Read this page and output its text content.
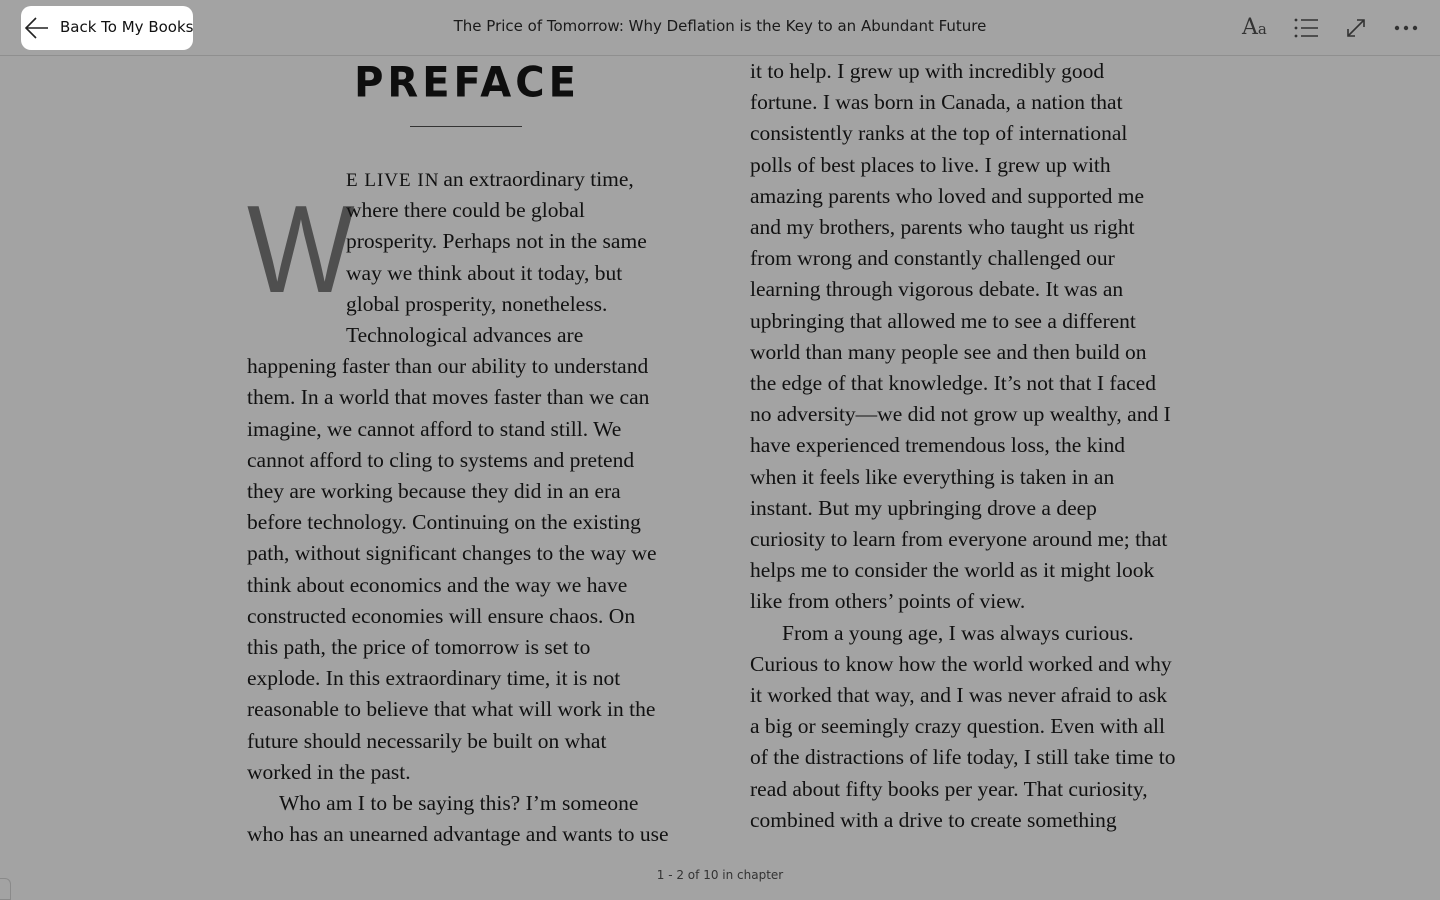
Back To My Books	The Price of Tomorrow: Why Deflation is the Key to an Abundant Future	Aa
PREFACE
W
E LIVE IN
an extraordinary time,
where there could be global
prosperity. Perhaps not in the same
way we think about it today, but
global prosperity, nonetheless.
Technological advances are
happening faster than our ability to understand
them. In a world that moves faster than we can
imagine, we cannot afford to stand still. We
cannot afford to cling to systems and pretend
they are working because they did in an era
before technology. Continuing on the existing
path, without significant changes to the way we
think about economics and the way we have
constructed economies will ensure chaos. On
this path, the price of tomorrow is set to
explode. In this extraordinary time, it is not
reasonable to believe that what will work in the
future should necessarily be built on what
worked in the past.
Who am I to be saying this? I’m someone
who has an unearned advantage and wants to use
it to help. I grew up with incredibly good
fortune. I was born in Canada, a nation that
consistently ranks at the top of international
polls of best places to live. I grew up with
amazing parents who loved and supported me
and my brothers, parents who taught us right
from wrong and constantly challenged our
learning through vigorous debate. It was an
upbringing that allowed me to see a different
world than many people see and then build on
the edge of that knowledge. It’s not that I faced
no adversity—we did not grow up wealthy, and I
have experienced tremendous loss, the kind
when it feels like everything is taken in an
instant. But my upbringing drove a deep
curiosity to learn from everyone around me; that
helps me to consider the world as it might look
like from others’ points of view.
From a young age, I was always curious.
Curious to know how the world worked and why
it worked that way, and I was never afraid to ask
a big or seemingly crazy question. Even with all
of the distractions of life today, I still take time to
read about fifty books per year. That curiosity,
combined with a drive to create something
1 - 2 of 10 in chapter
